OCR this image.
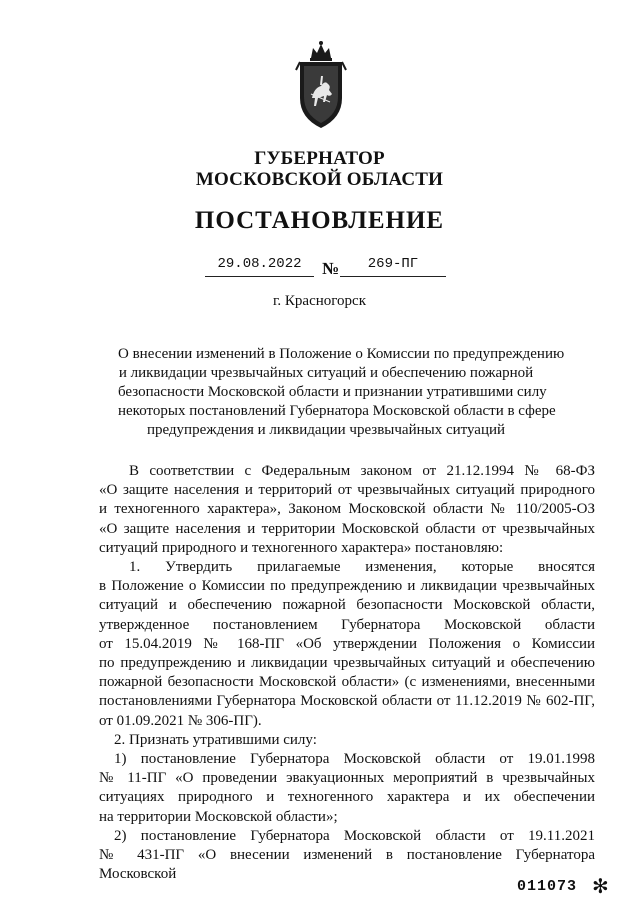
ГУБЕРНАТОР
МОСКОВСКОЙ ОБЛАСТИ
ПОСТАНОВЛЕНИЕ
29.08.2022	№	269-ПГ
г. Красногорск
О внесении изменений в Положение о Комиссии по предупреждению
и ликвидации чрезвычайных ситуаций и обеспечению пожарной
безопасности Московской области и признании утратившими силу
некоторых постановлений Губернатора Московской области в сфере
предупреждения и ликвидации чрезвычайных ситуаций
В соответствии с Федеральным законом от 21.12.1994 № 68-ФЗ
«О защите населения и территорий от чрезвычайных ситуаций природного
и техногенного характера», Законом Московской области № 110/2005-ОЗ
«О защите населения и территории Московской области от чрезвычайных
ситуаций природного и техногенного характера» постановляю:
1. Утвердить прилагаемые изменения, которые вносятся
в Положение о Комиссии по предупреждению и ликвидации чрезвычайных
ситуаций и обеспечению пожарной безопасности Московской области,
утвержденное постановлением Губернатора Московской области
от 15.04.2019 № 168-ПГ «Об утверждении Положения о Комиссии
по предупреждению и ликвидации чрезвычайных ситуаций и обеспечению
пожарной безопасности Московской области» (с изменениями, внесенными
постановлениями Губернатора Московской области от 11.12.2019 № 602-ПГ,
от 01.09.2021 № 306-ПГ).
2. Признать утратившими силу:
1) постановление Губернатора Московской области от 19.01.1998
№ 11-ПГ «О проведении эвакуационных мероприятий в чрезвычайных
ситуациях природного и техногенного характера и их обеспечении
на территории Московской области»;
2) постановление Губернатора Московской области от 19.11.2021
№ 431-ПГ «О внесении изменений в постановление Губернатора Московской
011073 ✻
